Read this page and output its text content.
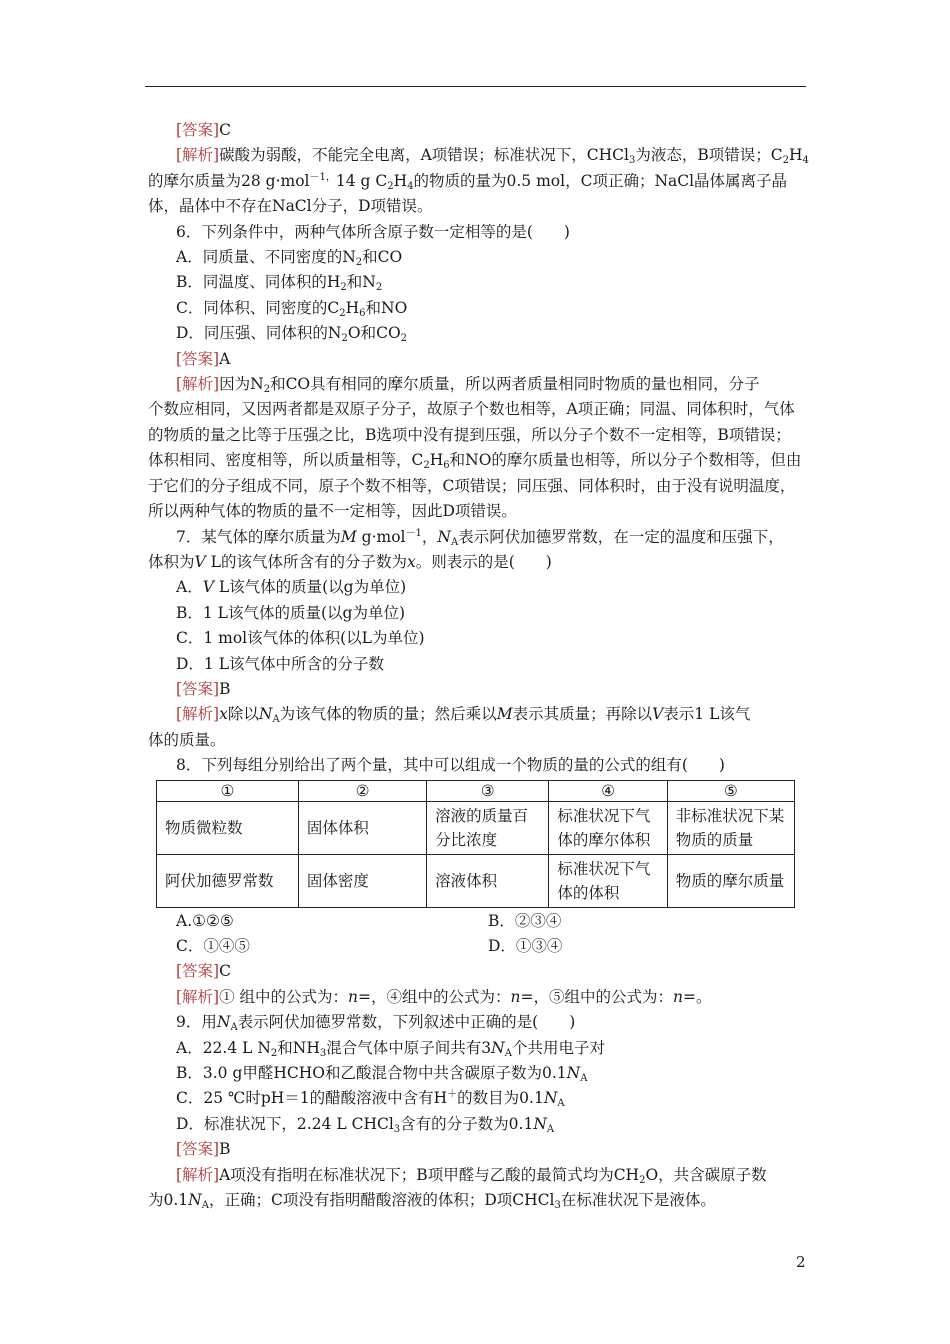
[答案]C
[解析]碳酸为弱酸，不能完全电离，A项错误；标准状况下，CHCl$_3$为液态，B项错误；$C_2H_4$
的摩尔质量为28 g·mol$^{-1,}$14 g $C_2H_4$的物质的量为0.5 mol，C项正确；NaCl晶体属离子晶
体，晶体中不存在NaCl分子，D项错误。
6．下列条件中，两种气体所含原子数一定相等的是(　　)
A．同质量、不同密度的$N_2$和CO
B．同温度、同体积的$H_2$和$N_2$
C．同体积、同密度的$C_2H_6$和NO
D．同压强、同体积的$N_2O$和$CO_2$
[答案]A
[解析]因为$N_2$和CO具有相同的摩尔质量，所以两者质量相同时物质的量也相同，分子
个数应相同，又因两者都是双原子分子，故原子个数也相等，A项正确；同温、同体积时，气体
的物质的量之比等于压强之比，B选项中没有提到压强，所以分子个数不一定相等，B项错误；
体积相同、密度相等，所以质量相等，$C_2H_6$和NO的摩尔质量也相等，所以分子个数相等，但由
于它们的分子组成不同，原子个数不相等，C项错误；同压强、同体积时，由于没有说明温度，
所以两种气体的物质的量不一定相等，因此D项错误。
7．某气体的摩尔质量为M g·mol$^{-1}$，$N_A$表示阿伏加德罗常数，在一定的温度和压强下，
体积为V L的该气体所含有的分子数为x。则表示的是(　　)
A．V L该气体的质量(以g为单位)
B．1 L该气体的质量(以g为单位)
C．1 mol该气体的体积(以L为单位)
D．1 L该气体中所含的分子数
[答案]B
[解析]x除以$N_A$为该气体的物质的量；然后乘以M表示其质量；再除以V表示1 L该气
体的质量。
8．下列每组分别给出了两个量，其中可以组成一个物质的量的公式的组有(　　)
①	②	③	④	⑤
物质微粒数	固体体积	溶液的质量百分比浓度	标准状况下气体的摩尔体积	非标准状况下某物质的质量
阿伏加德罗常数	固体密度	溶液体积	标准状况下气体的体积	物质的摩尔质量
A.①②⑤	B．②③④
C．①④⑤	D．①③④
[答案]C
[解析]① 组中的公式为：n=，④组中的公式为：n=，⑤组中的公式为：n=。
9．用$N_A$表示阿伏加德罗常数，下列叙述中正确的是(　　)
A．22.4 L $N_2$和$NH_3$混合气体中原子间共有$3N_A$个共用电子对
B．3.0 g甲醛HCHO和乙酸混合物中共含碳原子数为$0.1N_A$
C．25 ℃时pH＝1的醋酸溶液中含有H＋的数目为$0.1N_A$
D．标准状况下，2.24 L CHCl$_3$含有的分子数为$0.1N_A$
[答案]B
[解析]A项没有指明在标准状况下；B项甲醛与乙酸的最简式均为$CH_2O$，共含碳原子数
为$0.1N_A$，正确；C项没有指明醋酸溶液的体积；D项CHCl$_3$在标准状况下是液体。
2
